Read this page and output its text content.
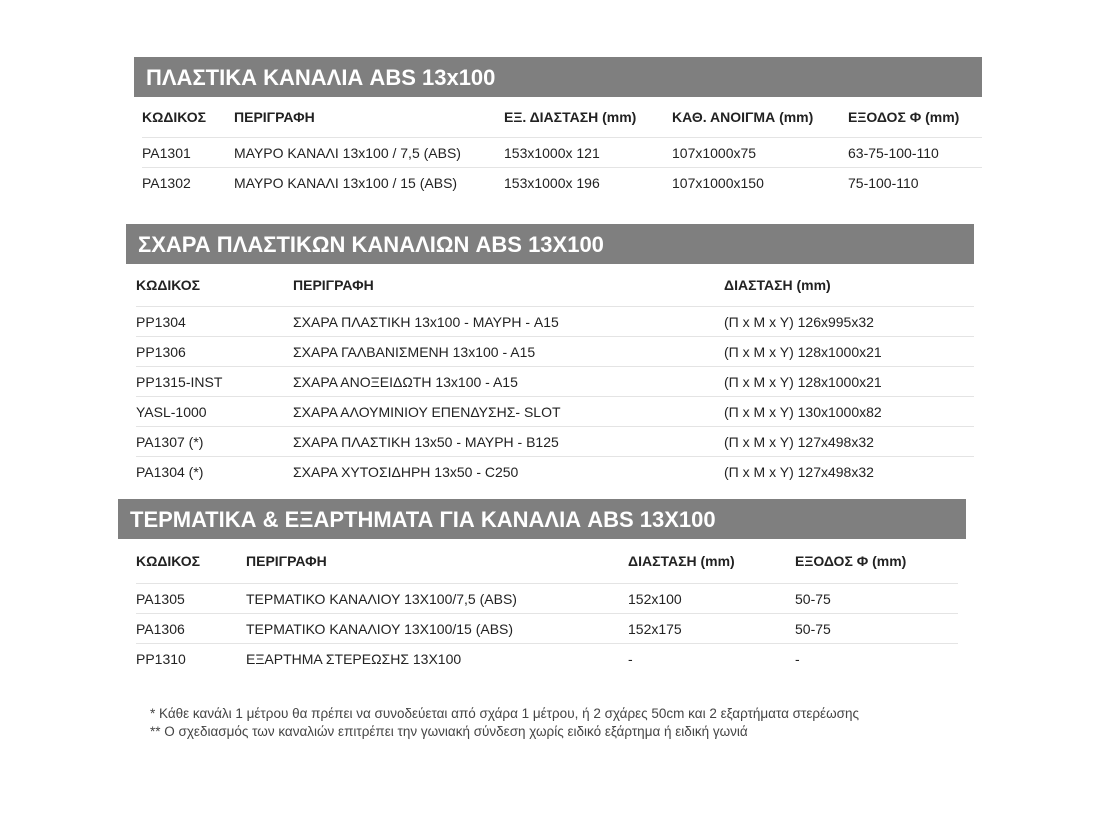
ΠΛΑΣΤΙΚΑ ΚΑΝΑΛΙΑ ABS 13x100
ΚΩΔΙΚΟΣ	ΠΕΡΙΓΡΑΦΗ	ΕΞ. ΔΙΑΣΤΑΣΗ (mm)	ΚΑΘ. ΑΝΟΙΓΜΑ (mm)	ΕΞΟΔΟΣ Φ (mm)
PA1301	ΜΑΥΡΟ ΚΑΝΑΛΙ 13x100 / 7,5 (ABS)	153x1000x 121	107x1000x75	63-75-100-110
PA1302	ΜΑΥΡΟ ΚΑΝΑΛΙ 13x100 / 15 (ABS)	153x1000x 196	107x1000x150	75-100-110
ΣΧΑΡΑ ΠΛΑΣΤΙΚΩΝ ΚΑΝΑΛΙΩΝ ABS 13X100
ΚΩΔΙΚΟΣ	ΠΕΡΙΓΡΑΦΗ	ΔΙΑΣΤΑΣΗ (mm)
PP1304	ΣΧΑΡΑ ΠΛΑΣΤΙΚΗ 13x100 - ΜΑΥΡΗ - A15	(Π x M x Y) 126x995x32
PP1306	ΣΧΑΡΑ ΓΑΛΒΑΝΙΣΜΕΝΗ 13x100 - A15	(Π x M x Y) 128x1000x21
PP1315-INST	ΣΧΑΡΑ ΑΝΟΞΕΙΔΩΤΗ 13x100 - A15	(Π x M x Y) 128x1000x21
YASL-1000	ΣΧΑΡΑ ΑΛΟΥΜΙΝΙΟΥ ΕΠΕΝΔΥΣΗΣ- SLOT	(Π x M x Y) 130x1000x82
PA1307 (*)	ΣΧΑΡΑ ΠΛΑΣΤΙΚΗ 13x50 - ΜΑΥΡΗ - B125	(Π x M x Y) 127x498x32
PA1304 (*)	ΣΧΑΡΑ ΧΥΤΟΣΙΔΗΡΗ 13x50 - C250	(Π x M x Y) 127x498x32
ΤΕΡΜΑΤΙΚΑ & ΕΞΑΡΤΗΜΑΤΑ ΓΙΑ ΚΑΝΑΛΙΑ ABS 13X100
ΚΩΔΙΚΟΣ	ΠΕΡΙΓΡΑΦΗ	ΔΙΑΣΤΑΣΗ (mm)	ΕΞΟΔΟΣ Φ (mm)
PA1305	ΤΕΡΜΑΤΙΚΟ ΚΑΝΑΛΙΟΥ 13X100/7,5 (ABS)	152x100	50-75
PA1306	ΤΕΡΜΑΤΙΚΟ ΚΑΝΑΛΙΟΥ 13X100/15 (ABS)	152x175	50-75
PP1310	ΕΞΑΡΤΗΜΑ ΣΤΕΡΕΩΣΗΣ 13X100	-	-
* Κάθε κανάλι 1 μέτρου θα πρέπει να συνοδεύεται από σχάρα 1 μέτρου, ή 2 σχάρες 50cm και 2 εξαρτήματα στερέωσης
** Ο σχεδιασμός των καναλιών επιτρέπει την γωνιακή σύνδεση χωρίς ειδικό εξάρτημα ή ειδική γωνιά
